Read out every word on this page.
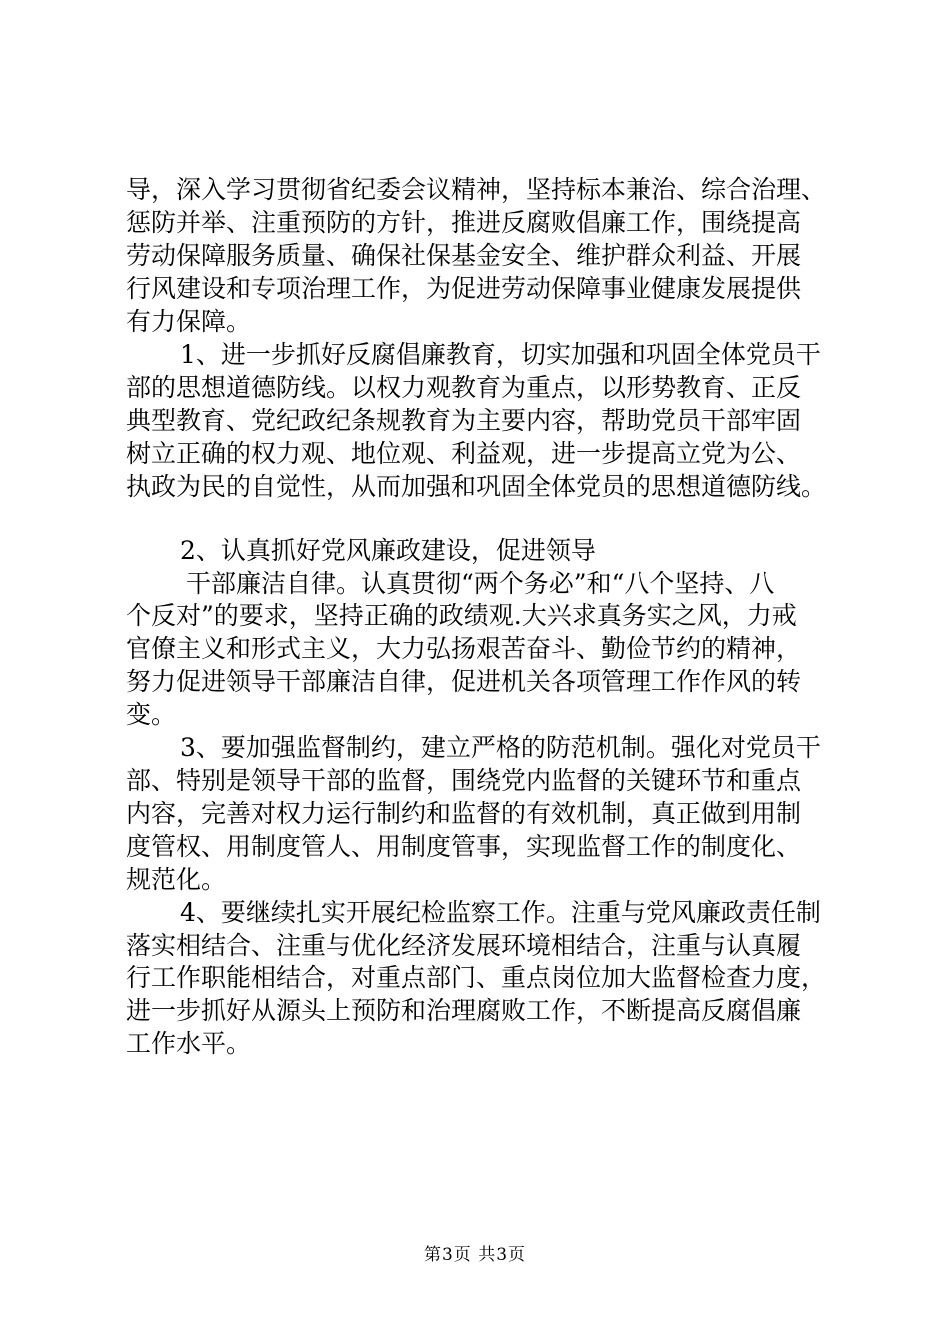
导，深入学习贯彻省纪委会议精神，坚持标本兼治、综合治理、

惩防并举、注重预防的方针，推进反腐败倡廉工作，围绕提高

劳动保障服务质量、确保社保基金安全、维护群众利益、开展

行风建设和专项治理工作，为促进劳动保障事业健康发展提供

有力保障。

1、进一步抓好反腐倡廉教育，切实加强和巩固全体党员干

部的思想道德防线。以权力观教育为重点，以形势教育、正反

典型教育、党纪政纪条规教育为主要内容，帮助党员干部牢固

树立正确的权力观、地位观、利益观，进一步提高立党为公、

执政为民的自觉性，从而加强和巩固全体党员的思想道德防线。

2、认真抓好党风廉政建设，促进领导

干部廉洁自律。认真贯彻“两个务必”和“八个坚持、八

个反对”的要求，坚持正确的政绩观.大兴求真务实之风，力戒

官僚主义和形式主义，大力弘扬艰苦奋斗、勤俭节约的精神，

努力促进领导干部廉洁自律，促进机关各项管理工作作风的转

变。

3、要加强监督制约，建立严格的防范机制。强化对党员干

部、特别是领导干部的监督，围绕党内监督的关键环节和重点

内容，完善对权力运行制约和监督的有效机制，真正做到用制

度管权、用制度管人、用制度管事，实现监督工作的制度化、

规范化。

4、要继续扎实开展纪检监察工作。注重与党风廉政责任制

落实相结合、注重与优化经济发展环境相结合，注重与认真履

行工作职能相结合，对重点部门、重点岗位加大监督检查力度，

进一步抓好从源头上预防和治理腐败工作，不断提高反腐倡廉

工作水平。

第3页 共3页
